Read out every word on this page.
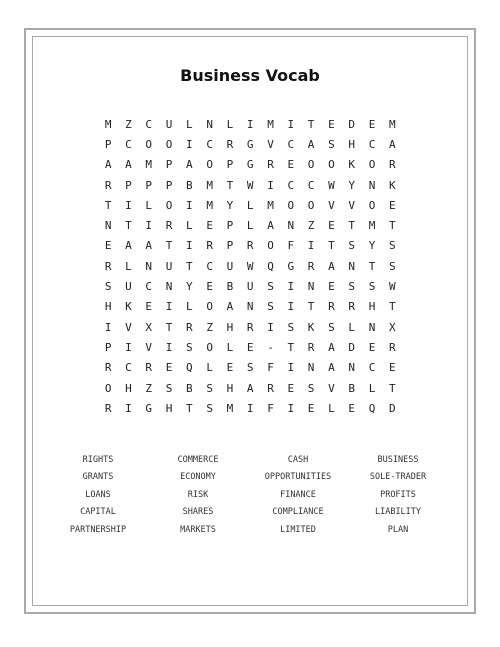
Business Vocab
M	Z	C	U	L	N	L	I	M	I	T	E	D	E	M
P	C	O	O	I	C	R	G	V	C	A	S	H	C	A
A	A	M	P	A	O	P	G	R	E	O	O	K	O	R
R	P	P	P	B	M	T	W	I	C	C	W	Y	N	K
T	I	L	O	I	M	Y	L	M	O	O	V	V	O	E
N	T	I	R	L	E	P	L	A	N	Z	E	T	M	T
E	A	A	T	I	R	P	R	O	F	I	T	S	Y	S
R	L	N	U	T	C	U	W	Q	G	R	A	N	T	S
S	U	C	N	Y	E	B	U	S	I	N	E	S	S	W
H	K	E	I	L	O	A	N	S	I	T	R	R	H	T
I	V	X	T	R	Z	H	R	I	S	K	S	L	N	X
P	I	V	I	S	O	L	E	-	T	R	A	D	E	R
R	C	R	E	Q	L	E	S	F	I	N	A	N	C	E
O	H	Z	S	B	S	H	A	R	E	S	V	B	L	T
R	I	G	H	T	S	M	I	F	I	E	L	E	Q	D
RIGHTS	COMMERCE	CASH	BUSINESS
GRANTS	ECONOMY	OPPORTUNITIES	SOLE-TRADER
LOANS	RISK	FINANCE	PROFITS
CAPITAL	SHARES	COMPLIANCE	LIABILITY
PARTNERSHIP	MARKETS	LIMITED	PLAN
